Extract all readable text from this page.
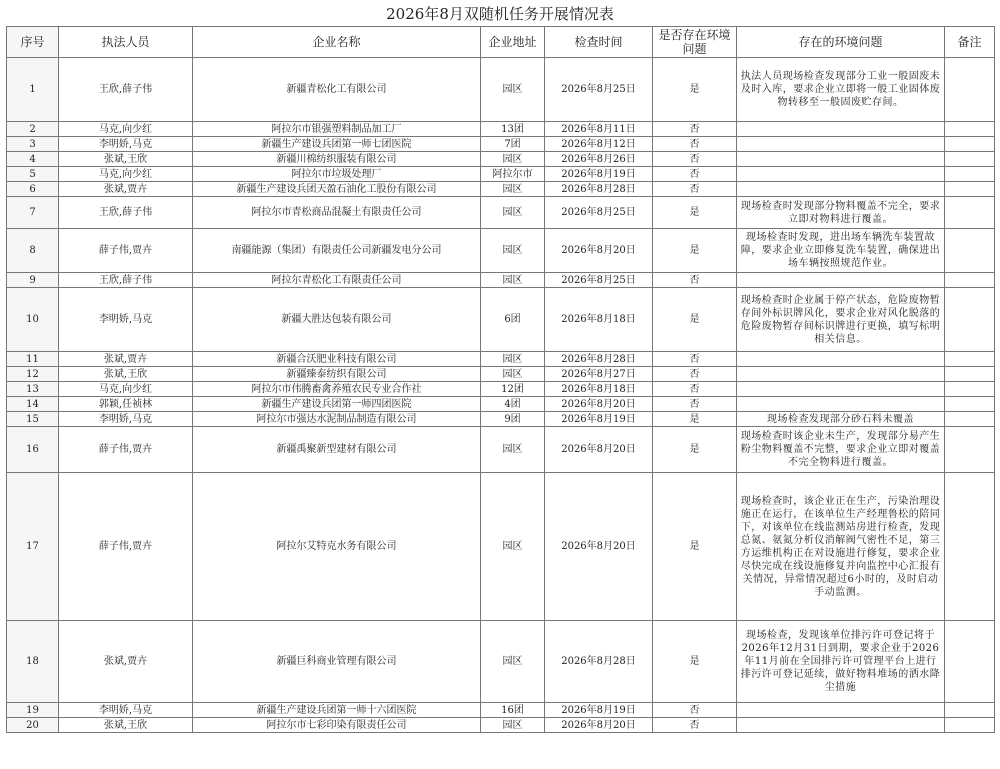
2026年8月双随机任务开展情况表
序号	执法人员	企业名称	企业地址	检查时间	是否存在环境问题	存在的环境问题	备注
1	王欣,薛子伟	新疆青松化工有限公司	园区	2026年8月25日	是	执法人员现场检查发现部分工业一般固废未及时入库，要求企业立即将一般工业固体废物转移至一般固废贮存间。	
2	马克,向少红	阿拉尔市银强塑料制品加工厂	13团	2026年8月11日	否		
3	李明娇,马克	新疆生产建设兵团第一师七团医院	7团	2026年8月12日	否		
4	张斌,王欣	新疆川棉纺织服装有限公司	园区	2026年8月26日	否		
5	马克,向少红	阿拉尔市垃圾处理厂	阿拉尔市	2026年8月19日	否		
6	张斌,贾卉	新疆生产建设兵团天盈石油化工股份有限公司	园区	2026年8月28日	否		
7	王欣,薛子伟	阿拉尔市青松商品混凝土有限责任公司	园区	2026年8月25日	是	现场检查时发现部分物料覆盖不完全，要求立即对物料进行覆盖。	
8	薛子伟,贾卉	南疆能源（集团）有限责任公司新疆发电分公司	园区	2026年8月20日	是	现场检查时发现，进出场车辆洗车装置故障，要求企业立即修复洗车装置，确保进出场车辆按照规范作业。	
9	王欣,薛子伟	阿拉尔青松化工有限责任公司	园区	2026年8月25日	否		
10	李明娇,马克	新疆大胜达包装有限公司	6团	2026年8月18日	是	现场检查时企业属于停产状态，危险废物暂存间外标识牌风化，要求企业对风化脱落的危险废物暂存间标识牌进行更换，填写标明相关信息。	
11	张斌,贾卉	新疆合沃肥业科技有限公司	园区	2026年8月28日	否		
12	张斌,王欣	新疆臻泰纺织有限公司	园区	2026年8月27日	否		
13	马克,向少红	阿拉尔市伟腾畜禽养殖农民专业合作社	12团	2026年8月18日	否		
14	郭颖,任祯林	新疆生产建设兵团第一师四团医院	4团	2026年8月20日	否		
15	李明娇,马克	阿拉尔市强达水泥制品制造有限公司	9团	2026年8月19日	是	现场检查发现部分砂石料未覆盖	
16	薛子伟,贾卉	新疆禹聚新型建材有限公司	园区	2026年8月20日	是	现场检查时该企业未生产，发现部分易产生粉尘物料覆盖不完整，要求企业立即对覆盖不完全物料进行覆盖。	
17	薛子伟,贾卉	阿拉尔艾特克水务有限公司	园区	2026年8月20日	是	现场检查时，该企业正在生产，污染治理设施正在运行，在该单位生产经理鲁松的陪同下，对该单位在线监测站房进行检查，发现总氮、氨氮分析仪消解阀气密性不足，第三方运维机构正在对设施进行修复，要求企业尽快完成在线设施修复并向监控中心汇报有关情况，异常情况超过6小时的，及时启动手动监测。	
18	张斌,贾卉	新疆巨科商业管理有限公司	园区	2026年8月28日	是	现场检查，发现该单位排污许可登记将于2026年12月31日到期，要求企业于2026年11月前在全国排污许可管理平台上进行排污许可登记延续，做好物料堆场的洒水降尘措施	
19	李明娇,马克	新疆生产建设兵团第一师十六团医院	16团	2026年8月19日	否		
20	张斌,王欣	阿拉尔市七彩印染有限责任公司	园区	2026年8月20日	否		
